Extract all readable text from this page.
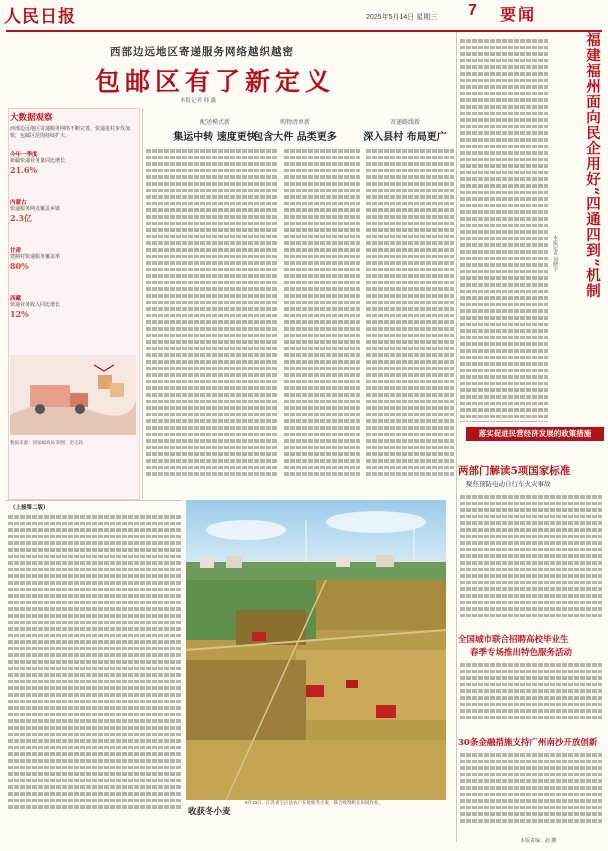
人民日报	2025年5月14日 星期三 7 要闻
西部边远地区寄递服务网络越织越密
包邮区有了新定义
本报记者 韩 鑫
大数据观察
西部边远地区寄递服务网络不断完善，快递进村步伐加快，包邮区范围持续扩大。
今年一季度
新疆快递业务量同比增长
21.6%
内蒙古
快递服务网点覆盖乡镇
2.3亿
甘肃
建制村快递服务覆盖率
80%
西藏
快递业务收入同比增长
12%
数据来源：国家邮政局 制图：赵志轶
配送模式新
集运中转 速度更快
购物清单新
包含大件 品类更多
寄递路线新
深入县村 布局更广
（上接第二版）
收获冬小麦
5月13日，江苏省宝应县农户在抢收冬小麦，联合收割机在田间作业。
福建福州面向民企用好“四通四到”机制
本报记者 刘晓宇
落实促进民营经济发展的政策措施
两部门解读5项国家标准
聚焦预防电动自行车火灾事故
全国城市联合招聘高校毕业生
春季专场推出特色服务活动
30条金融措施支持广州南沙开放创新
本版责编：赵 鹏
